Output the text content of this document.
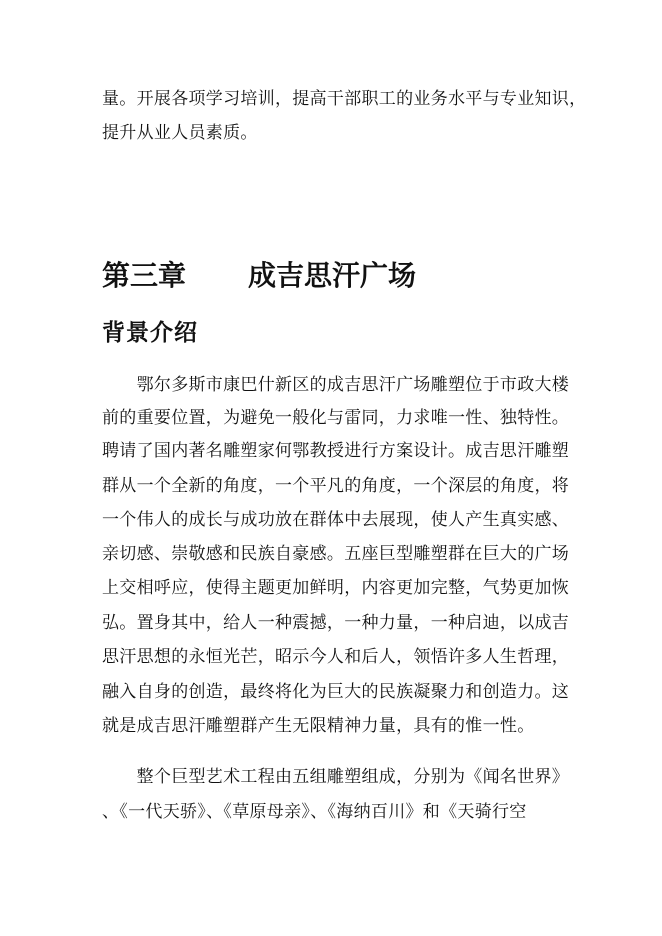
量。开展各项学习培训，提高干部职工的业务水平与专业知识，
提升从业人员素质。
第三章 成吉思汗广场
背景介绍
　　鄂尔多斯市康巴什新区的成吉思汗广场雕塑位于市政大楼
前的重要位置，为避免一般化与雷同，力求唯一性、独特性。
聘请了国内著名雕塑家何鄂教授进行方案设计。成吉思汗雕塑
群从一个全新的角度，一个平凡的角度，一个深层的角度，将
一个伟人的成长与成功放在群体中去展现，使人产生真实感、
亲切感、崇敬感和民族自豪感。五座巨型雕塑群在巨大的广场
上交相呼应，使得主题更加鲜明，内容更加完整，气势更加恢
弘。置身其中，给人一种震撼，一种力量，一种启迪，以成吉
思汗思想的永恒光芒，昭示今人和后人，领悟许多人生哲理，
融入自身的创造，最终将化为巨大的民族凝聚力和创造力。这
就是成吉思汗雕塑群产生无限精神力量，具有的惟一性。
　　整个巨型艺术工程由五组雕塑组成，分别为《闻名世界》
、《一代天骄》、《草原母亲》、《海纳百川》和《天骑行空
